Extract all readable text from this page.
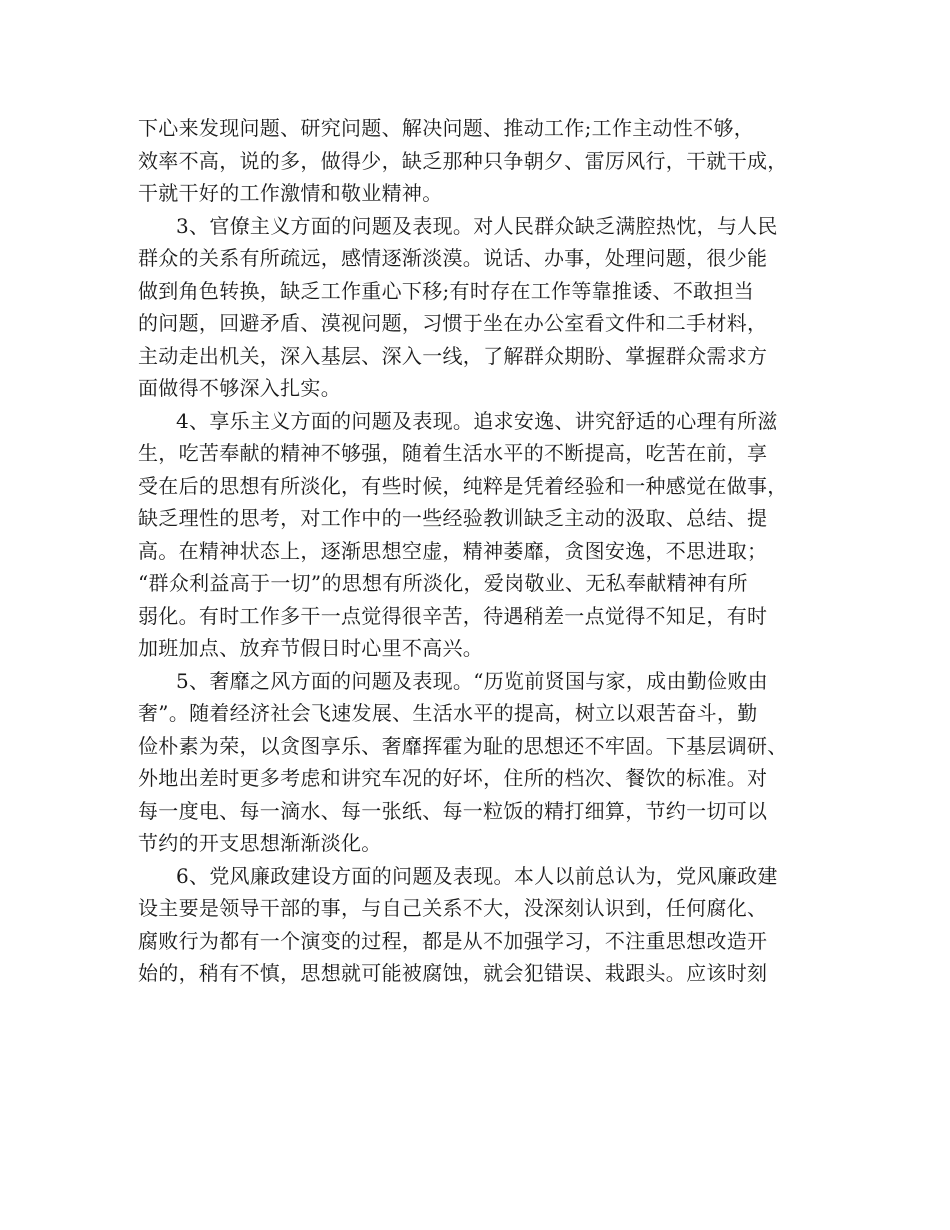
下心来发现问题、研究问题、解决问题、推动工作;工作主动性不够，
效率不高，说的多，做得少，缺乏那种只争朝夕、雷厉风行，干就干成，
干就干好的工作激情和敬业精神。
3、官僚主义方面的问题及表现。对人民群众缺乏满腔热忱，与人民
群众的关系有所疏远，感情逐渐淡漠。说话、办事，处理问题，很少能
做到角色转换，缺乏工作重心下移;有时存在工作等靠推诿、不敢担当
的问题，回避矛盾、漠视问题，习惯于坐在办公室看文件和二手材料，
主动走出机关，深入基层、深入一线，了解群众期盼、掌握群众需求方
面做得不够深入扎实。
4、享乐主义方面的问题及表现。追求安逸、讲究舒适的心理有所滋
生，吃苦奉献的精神不够强，随着生活水平的不断提高，吃苦在前，享
受在后的思想有所淡化，有些时候，纯粹是凭着经验和一种感觉在做事，
缺乏理性的思考，对工作中的一些经验教训缺乏主动的汲取、总结、提
高。在精神状态上，逐渐思想空虚，精神萎靡，贪图安逸，不思进取；
“群众利益高于一切”的思想有所淡化，爱岗敬业、无私奉献精神有所
弱化。有时工作多干一点觉得很辛苦，待遇稍差一点觉得不知足，有时
加班加点、放弃节假日时心里不高兴。
5、奢靡之风方面的问题及表现。“历览前贤国与家，成由勤俭败由
奢”。随着经济社会飞速发展、生活水平的提高，树立以艰苦奋斗，勤
俭朴素为荣，以贪图享乐、奢靡挥霍为耻的思想还不牢固。下基层调研、
外地出差时更多考虑和讲究车况的好坏，住所的档次、餐饮的标准。对
每一度电、每一滴水、每一张纸、每一粒饭的精打细算，节约一切可以
节约的开支思想渐渐淡化。
6、党风廉政建设方面的问题及表现。本人以前总认为，党风廉政建
设主要是领导干部的事，与自己关系不大，没深刻认识到，任何腐化、
腐败行为都有一个演变的过程，都是从不加强学习，不注重思想改造开
始的，稍有不慎，思想就可能被腐蚀，就会犯错误、栽跟头。应该时刻
